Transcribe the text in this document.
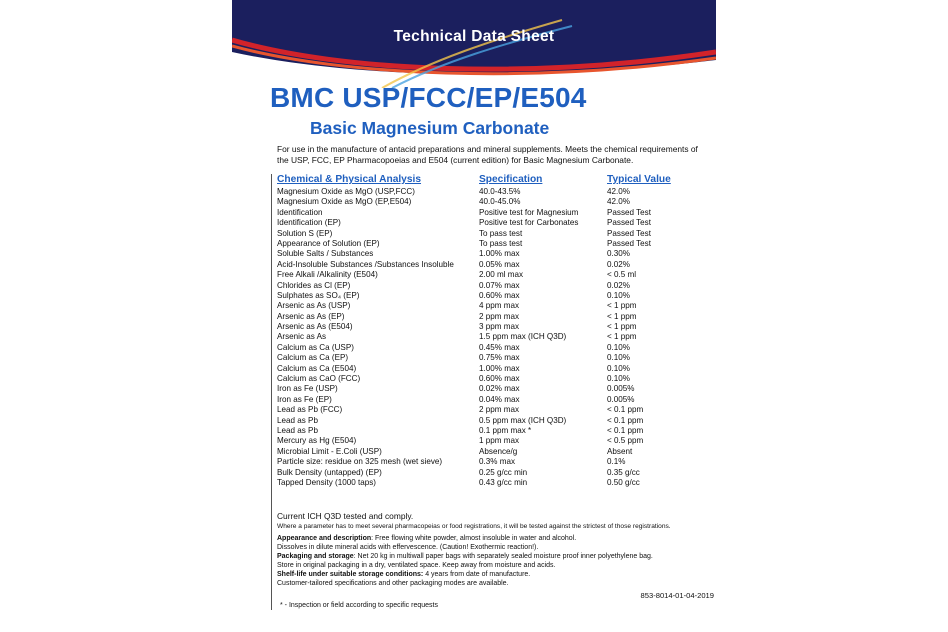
Technical Data Sheet
BMC USP/FCC/EP/E504
Basic Magnesium Carbonate
For use in the manufacture of antacid preparations and mineral supplements. Meets the chemical requirements of the USP, FCC, EP Pharmacopoeias and E504 (current edition) for Basic Magnesium Carbonate.
Chemical & Physical Analysis	Specification	Typical Value
Magnesium Oxide as MgO (USP,FCC)	40.0-43.5%	42.0%
Magnesium Oxide as MgO (EP,E504)	40.0-45.0%	42.0%
Identification	Positive test for Magnesium	Passed Test
Identification (EP)	Positive test for Carbonates	Passed Test
Solution S (EP)	To pass test	Passed Test
Appearance of Solution (EP)	To pass test	Passed Test
Soluble Salts / Substances	1.00% max	0.30%
Acid-Insoluble Substances /Substances Insoluble	0.05% max	0.02%
Free Alkali /Alkalinity (E504)	2.00 ml max	< 0.5 ml
Chlorides as Cl (EP)	0.07% max	0.02%
Sulphates as SO₄ (EP)	0.60% max	0.10%
Arsenic as As (USP)	4 ppm max	< 1 ppm
Arsenic as As (EP)	2 ppm max	< 1 ppm
Arsenic as As (E504)	3 ppm max	< 1 ppm
Arsenic as As	1.5 ppm max (ICH Q3D)	< 1 ppm
Calcium as Ca (USP)	0.45% max	0.10%
Calcium as Ca (EP)	0.75% max	0.10%
Calcium as Ca (E504)	1.00% max	0.10%
Calcium as CaO (FCC)	0.60% max	0.10%
Iron as Fe (USP)	0.02% max	0.005%
Iron as Fe (EP)	0.04% max	0.005%
Lead as Pb (FCC)	2 ppm max	< 0.1 ppm
Lead as Pb	0.5 ppm max (ICH Q3D)	< 0.1 ppm
Lead as Pb	0.1 ppm max *	< 0.1 ppm
Mercury as Hg (E504)	1 ppm max	< 0.5 ppm
Microbial Limit - E.Coli (USP)	Absence/g	Absent
Particle size: residue on 325 mesh (wet sieve)	0.3% max	0.1%
Bulk Density (untapped) (EP)	0.25 g/cc min	0.35 g/cc
Tapped Density (1000 taps)	0.43 g/cc min	0.50 g/cc
Current ICH Q3D tested and comply.
Where a parameter has to meet several pharmacopeias or food registrations, it will be tested against the strictest of those registrations.
Appearance and description: Free flowing white powder, almost insoluble in water and alcohol.
Dissolves in dilute mineral acids with effervescence. (Caution! Exothermic reaction!).
Packaging and storage: Net 20 kg in multiwall paper bags with separately sealed moisture proof inner polyethylene bag.
Store in original packaging in a dry, ventilated space. Keep away from moisture and acids.
Shelf-life under suitable storage conditions: 4 years from date of manufacture.
Customer-tailored specifications and other packaging modes are available.
853-8014-01-04-2019
* - Inspection or field according to specific requests
